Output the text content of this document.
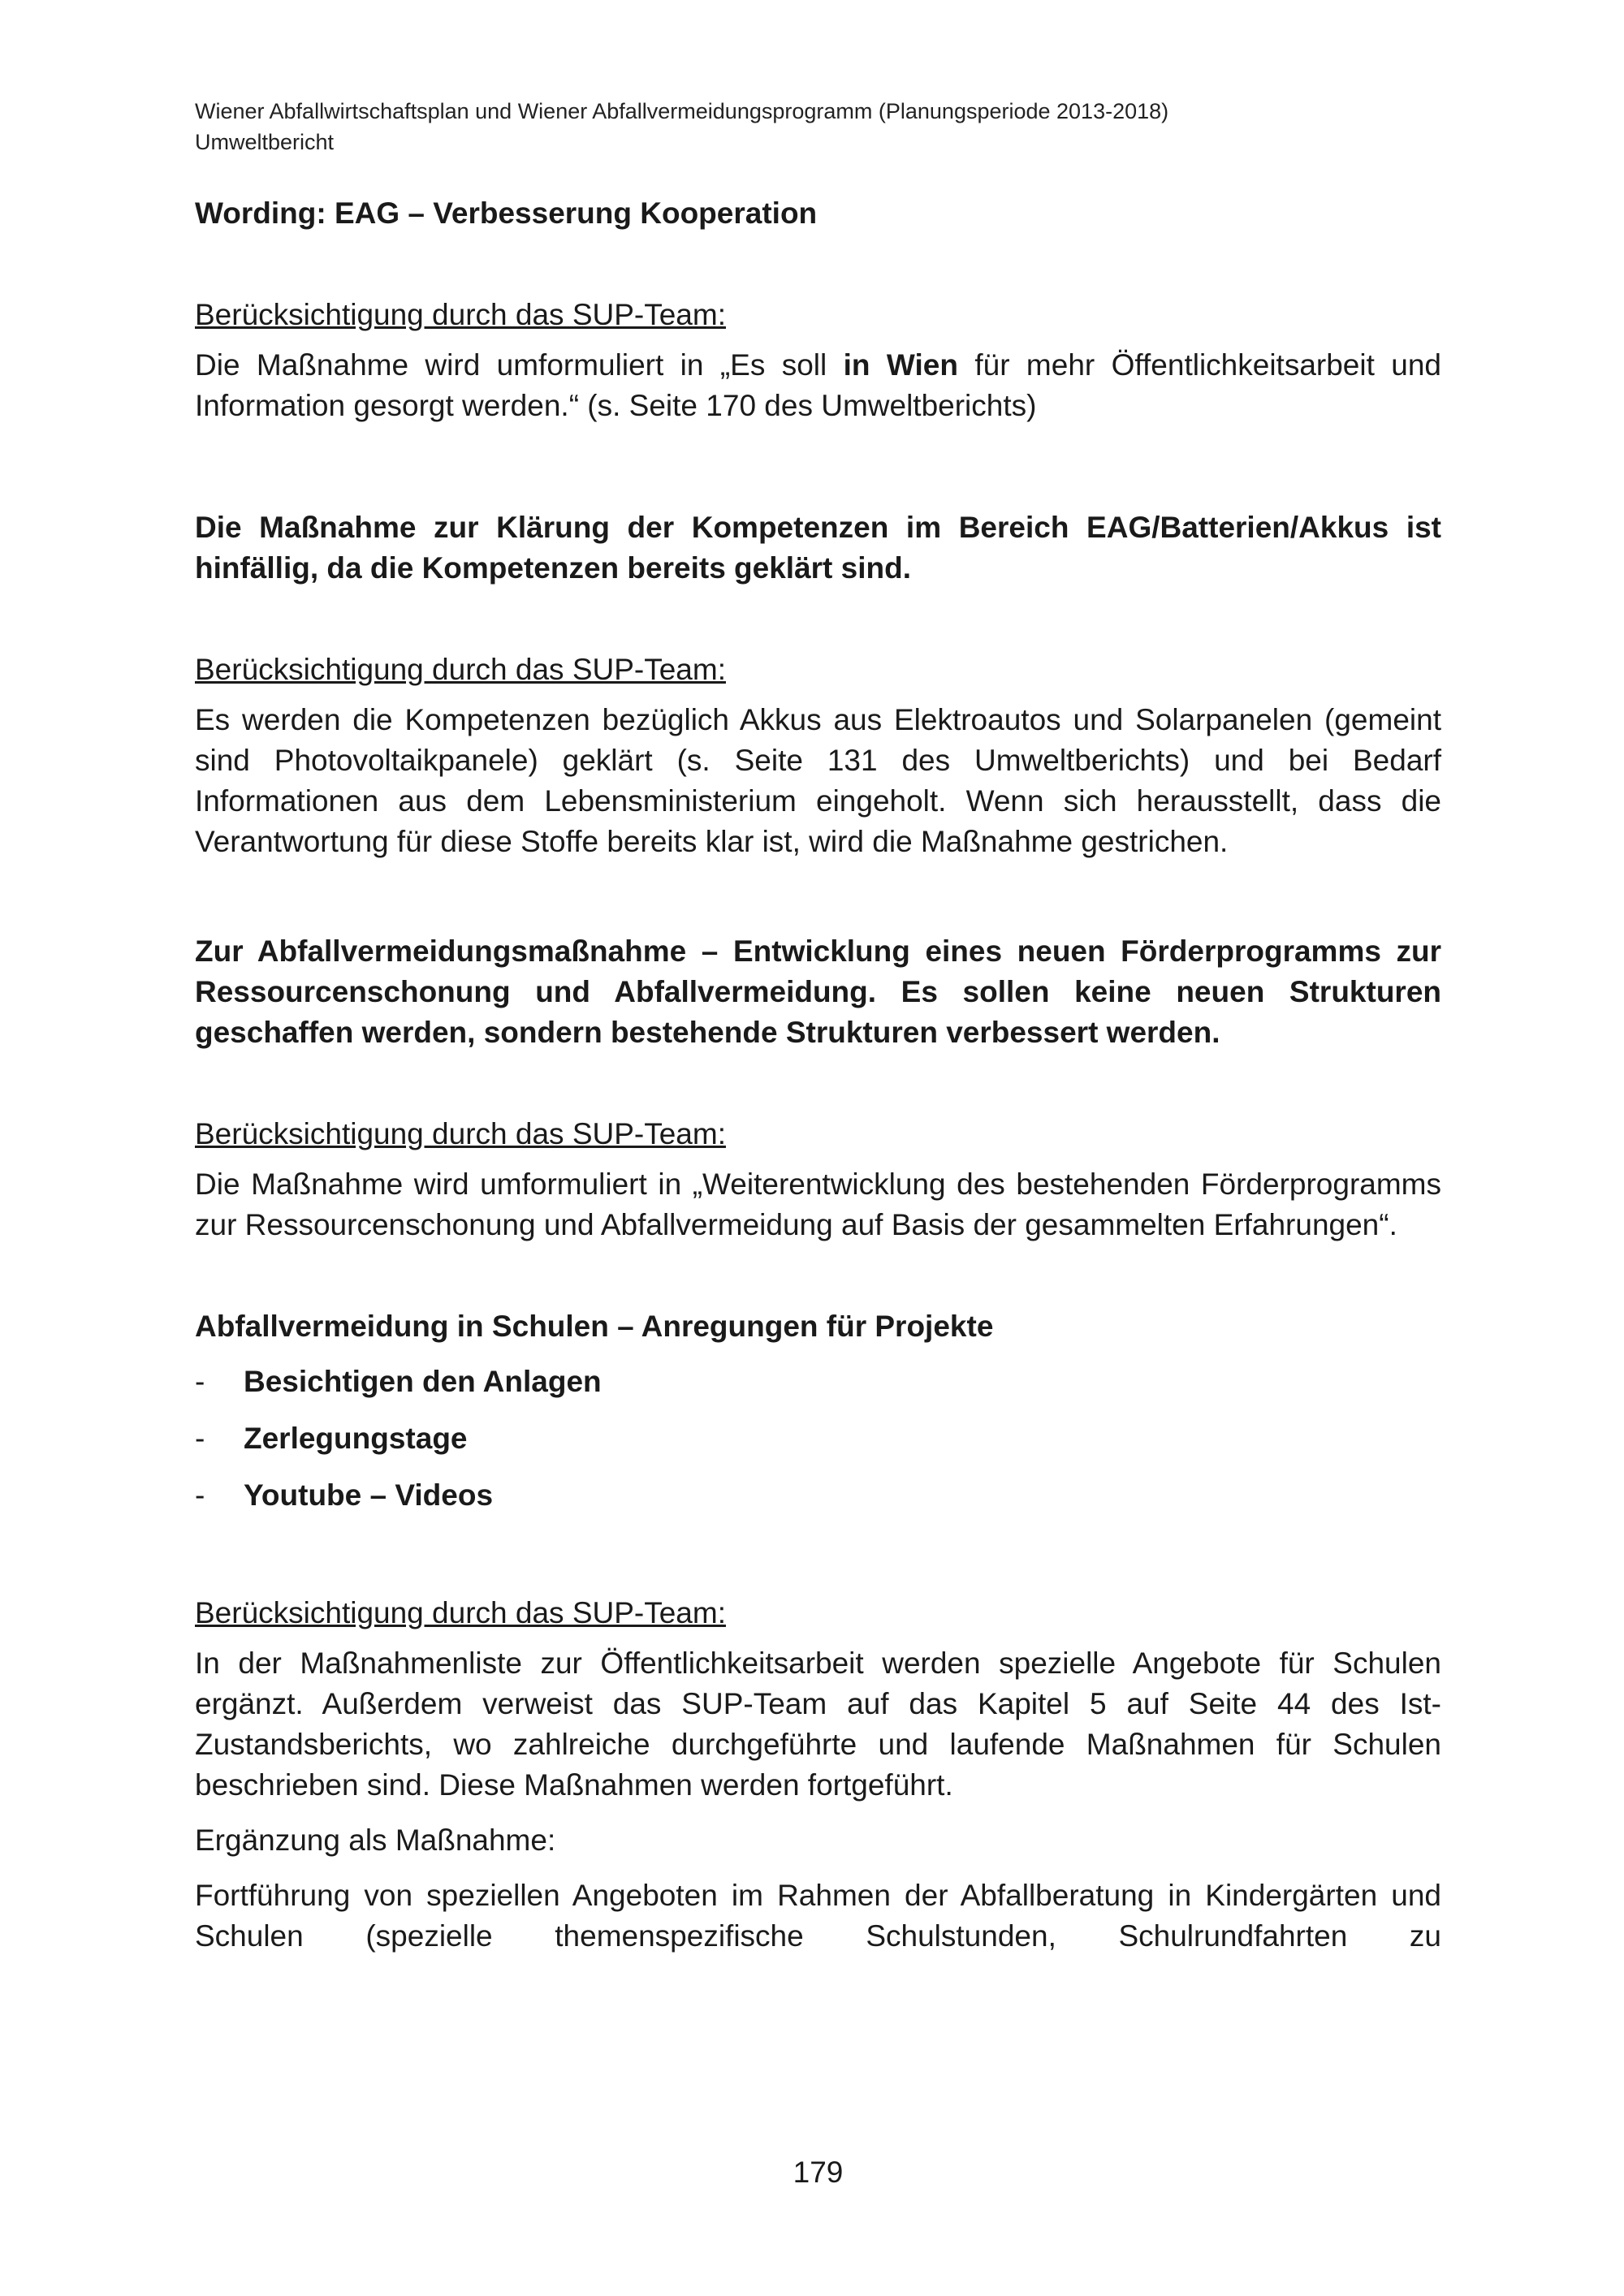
Wiener Abfallwirtschaftsplan und Wiener Abfallvermeidungsprogramm (Planungsperiode 2013-2018)
Umweltbericht

Wording: EAG – Verbesserung Kooperation

Berücksichtigung durch das SUP-Team:

Die Maßnahme wird umformuliert in „Es soll in Wien für mehr Öffentlichkeitsarbeit und Information gesorgt werden.“ (s. Seite 170 des Umweltberichts)

Die Maßnahme zur Klärung der Kompetenzen im Bereich EAG/Batterien/Akkus ist hinfällig, da die Kompetenzen bereits geklärt sind.

Berücksichtigung durch das SUP-Team:

Es werden die Kompetenzen bezüglich Akkus aus Elektroautos und Solarpanelen (gemeint sind Photovoltaikpanele) geklärt (s. Seite 131 des Umweltberichts) und bei Bedarf Informationen aus dem Lebensministerium eingeholt. Wenn sich herausstellt, dass die Verantwortung für diese Stoffe bereits klar ist, wird die Maßnahme gestrichen.

Zur Abfallvermeidungsmaßnahme – Entwicklung eines neuen Förderprogramms zur Ressourcenschonung und Abfallvermeidung. Es sollen keine neuen Strukturen geschaffen werden, sondern bestehende Strukturen verbessert werden.

Berücksichtigung durch das SUP-Team:

Die Maßnahme wird umformuliert in „Weiterentwicklung des bestehenden Förderprogramms zur Ressourcenschonung und Abfallvermeidung auf Basis der gesammelten Erfahrungen“.

Abfallvermeidung in Schulen – Anregungen für Projekte

- Besichtigen den Anlagen
- Zerlegungstage
- Youtube – Videos

Berücksichtigung durch das SUP-Team:

In der Maßnahmenliste zur Öffentlichkeitsarbeit werden spezielle Angebote für Schulen ergänzt. Außerdem verweist das SUP-Team auf das Kapitel 5 auf Seite 44 des Ist-Zustandsberichts, wo zahlreiche durchgeführte und laufende Maßnahmen für Schulen beschrieben sind. Diese Maßnahmen werden fortgeführt.

Ergänzung als Maßnahme:

Fortführung von speziellen Angeboten im Rahmen der Abfallberatung in Kindergärten und Schulen (spezielle themenspezifische Schulstunden, Schulrundfahrten zu

179
